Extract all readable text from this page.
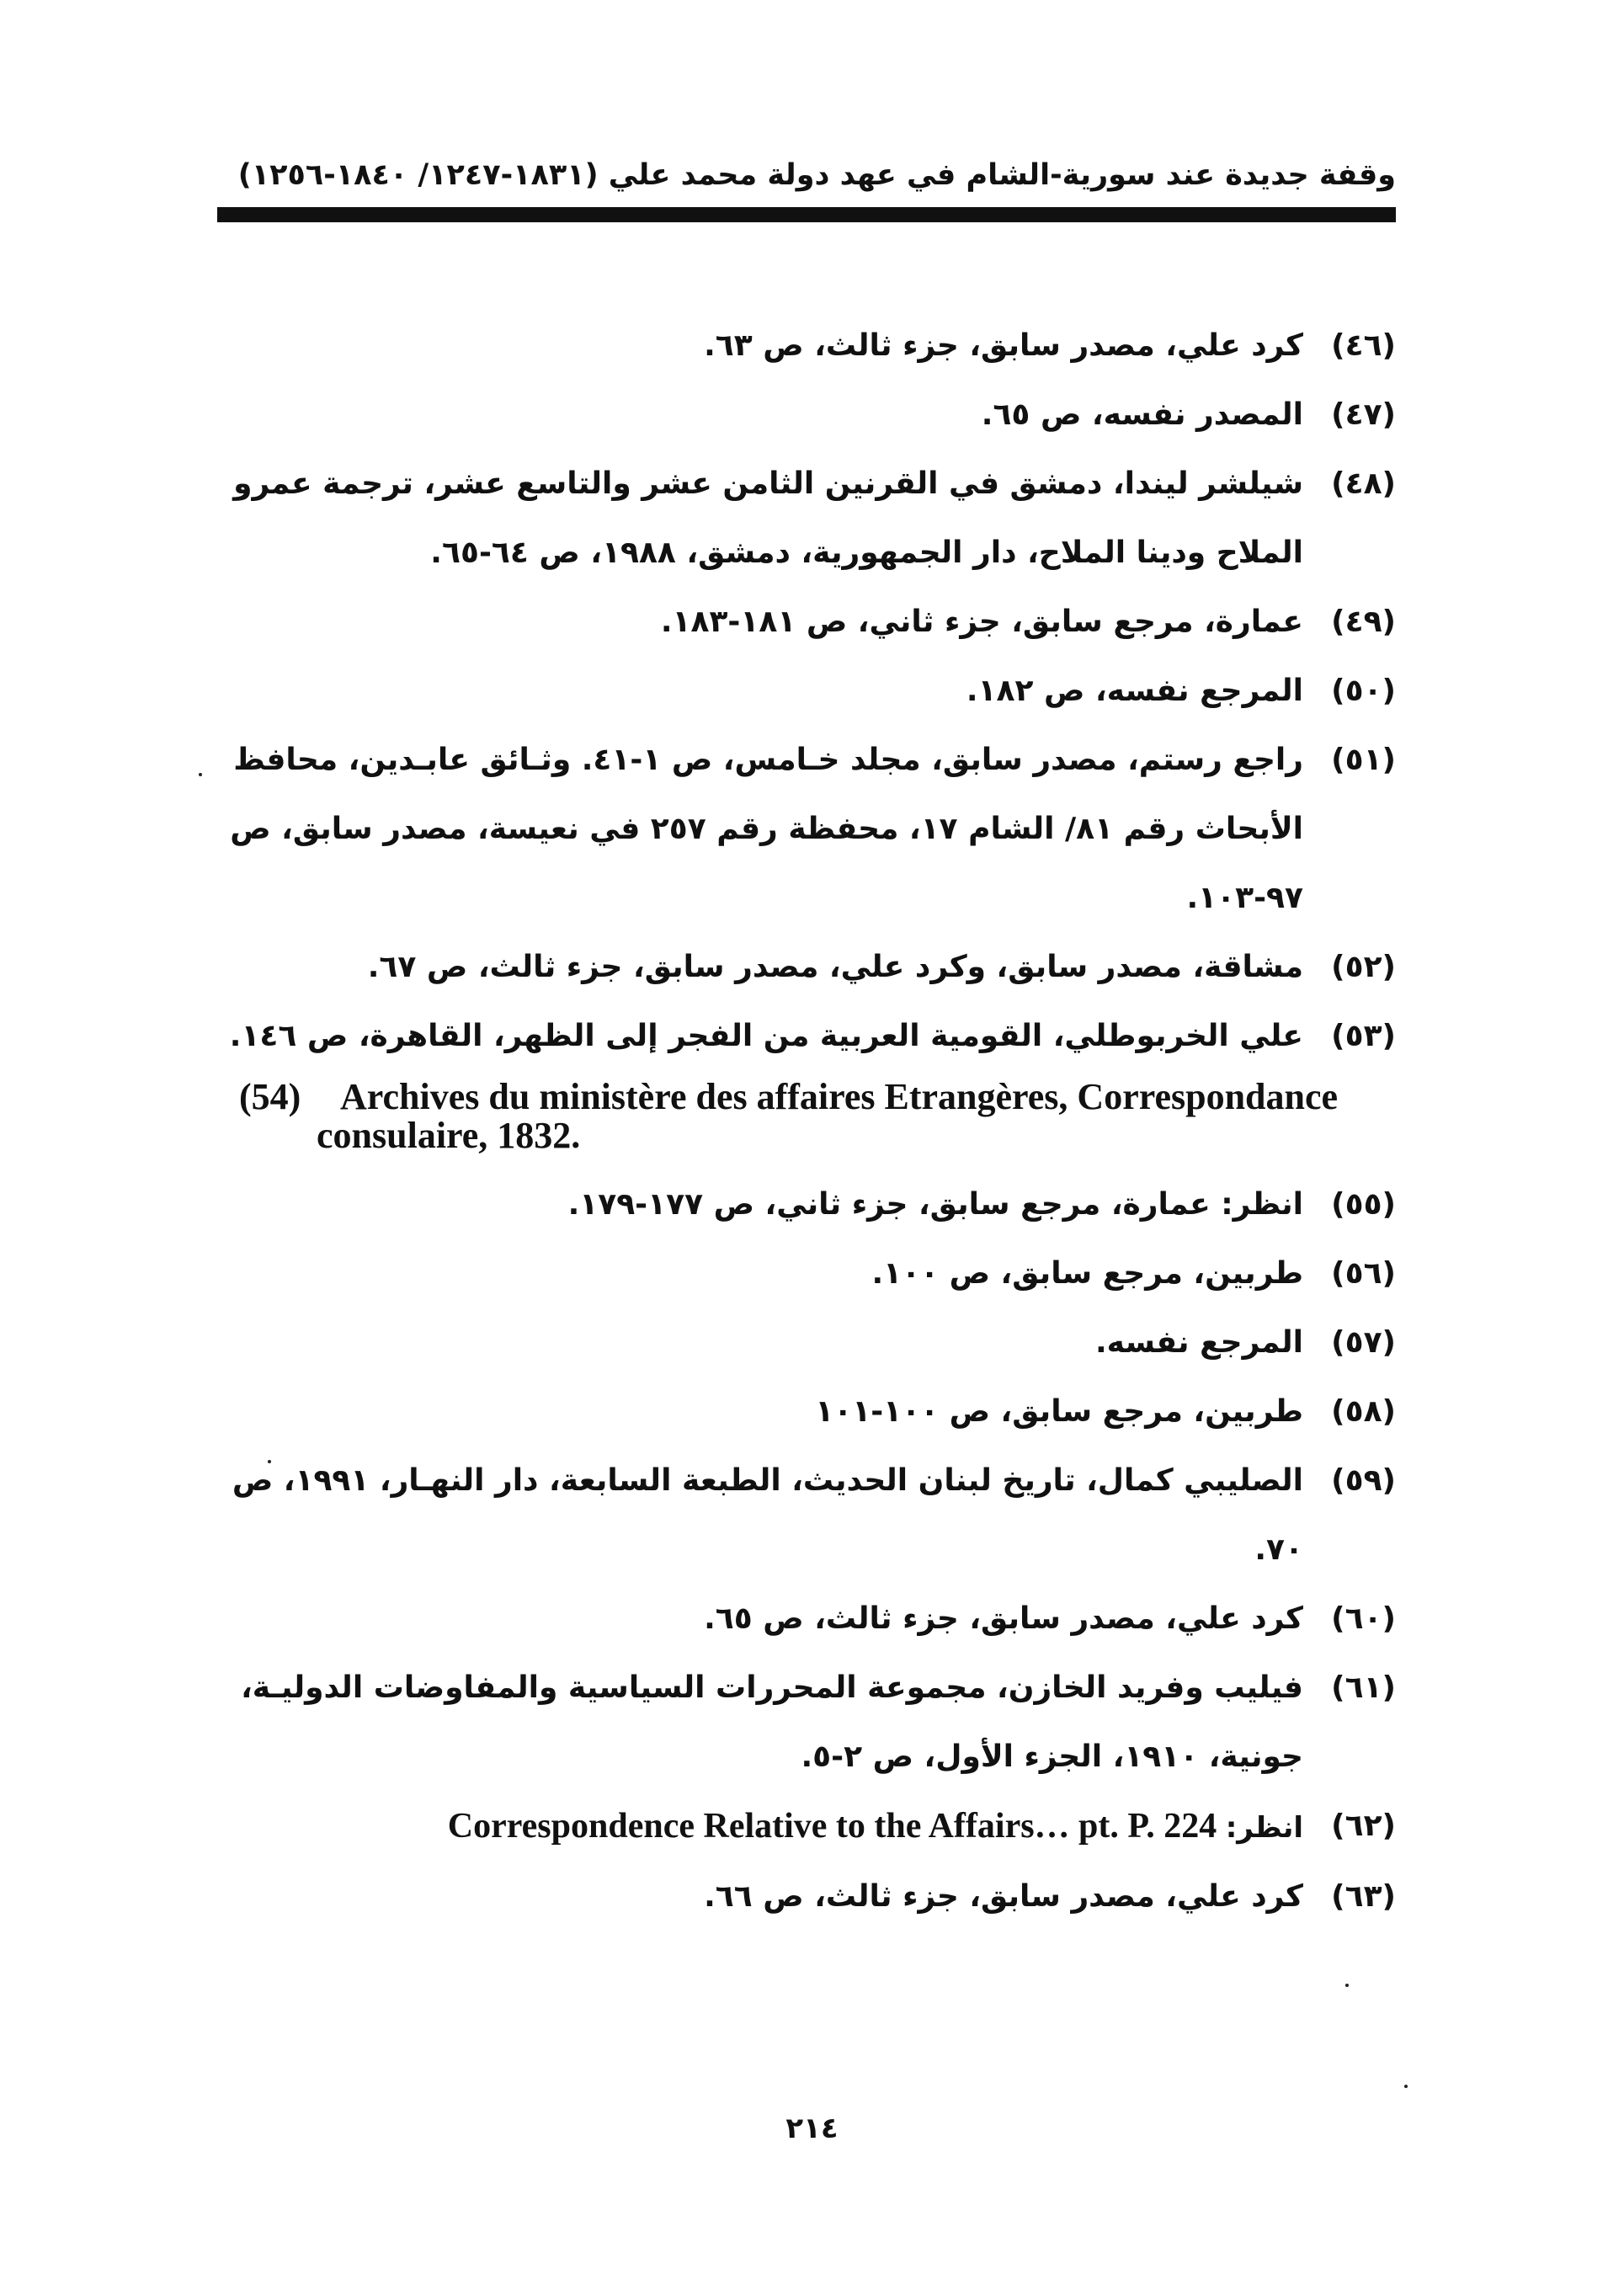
وقفة جديدة عند سورية-الشام في عهد دولة محمد علي (١٨٣١-١٢٤٧/ ١٨٤٠-١٢٥٦)
(٤٦)
كرد علي، مصدر سابق، جزء ثالث، ص ٦٣.
(٤٧)
المصدر نفسه، ص ٦٥.
(٤٨)
شيلشر ليندا، دمشق في القرنين الثامن عشر والتاسع عشر، ترجمة عمرو الملاح ودينا الملاح، دار الجمهورية، دمشق، ١٩٨٨، ص ٦٤-٦٥.
(٤٩)
عمارة، مرجع سابق، جزء ثاني، ص ١٨١-١٨٣.
(٥٠)
المرجع نفسه، ص ١٨٢.
(٥١)
راجع رستم، مصدر سابق، مجلد خـامس، ص ١-٤١. وثـائق عابـدين، محافظ الأبحاث رقم ٨١/ الشام ١٧، محفظة رقم ٢٥٧ في نعيسة، مصدر سابق، ص ٩٧-١٠٣.
(٥٢)
مشاقة، مصدر سابق، وكرد علي، مصدر سابق، جزء ثالث، ص ٦٧.
(٥٣)
علي الخربوطلي، القومية العربية من الفجر إلى الظهر، القاهرة، ص ١٤٦.
(54) Archives du ministère des affaires Etrangères, Correspondance
consulaire, 1832.
(٥٥)
انظر: عمارة، مرجع سابق، جزء ثاني، ص ١٧٧-١٧٩.
(٥٦)
طربين، مرجع سابق، ص ١٠٠.
(٥٧)
المرجع نفسه.
(٥٨)
طربين، مرجع سابق، ص ١٠٠-١٠١
(٥٩)
الصليبي كمال، تاريخ لبنان الحديث، الطبعة السابعة، دار النهـار، ١٩٩١، ص ٧٠.
(٦٠)
كرد علي، مصدر سابق، جزء ثالث، ص ٦٥.
(٦١)
فيليب وفريد الخازن، مجموعة المحررات السياسية والمفاوضات الدوليـة، جونية، ١٩١٠، الجزء الأول، ص ٢-٥.
(٦٢)
انظر: Correspondence Relative to the Affairs… pt. P. 224
(٦٣)
كرد علي، مصدر سابق، جزء ثالث، ص ٦٦.
٢١٤
